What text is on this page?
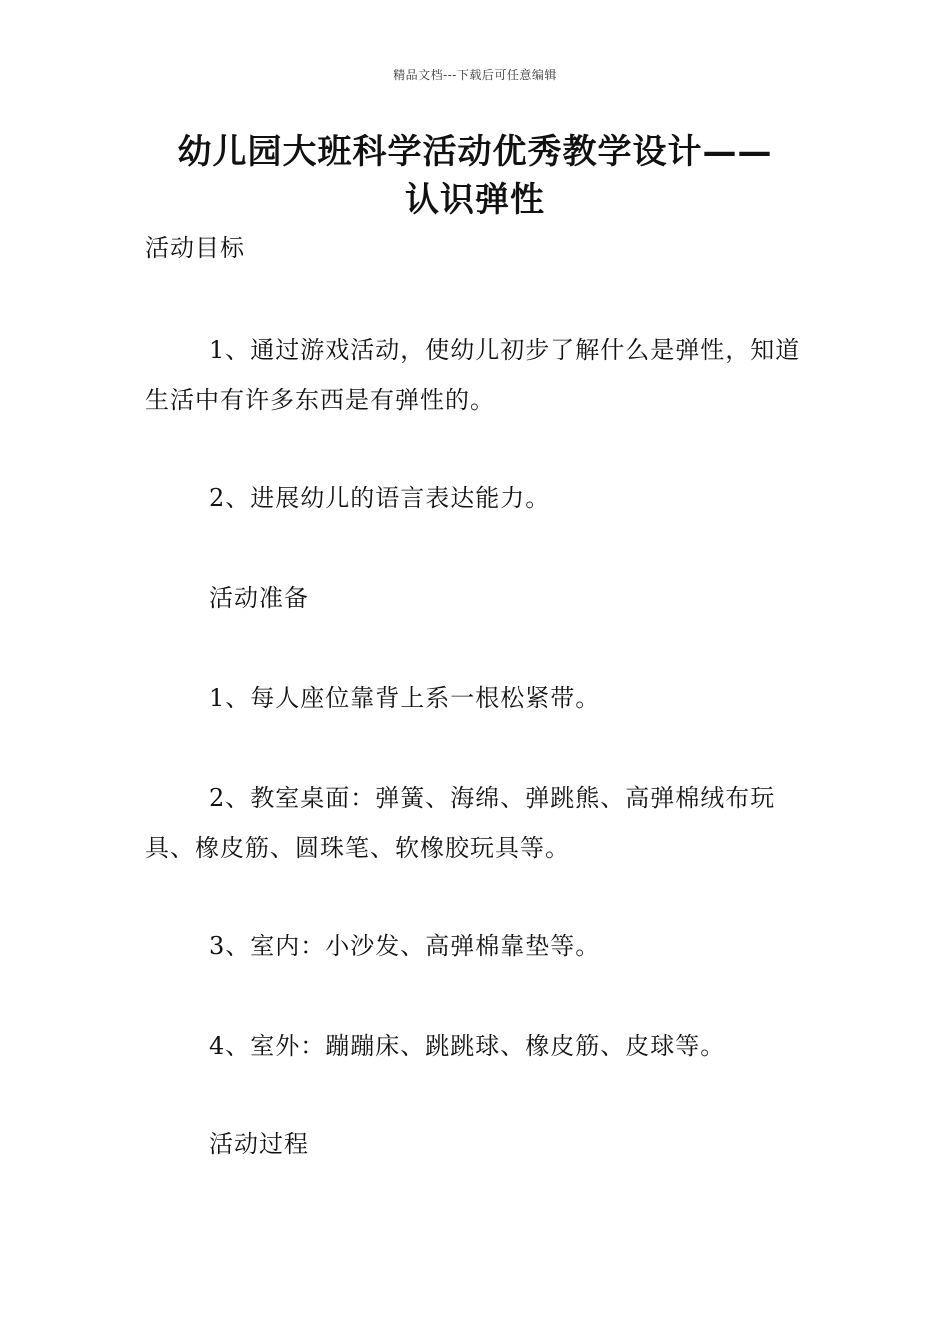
精品文档---下载后可任意编辑
幼儿园大班科学活动优秀教学设计——
认识弹性

活动目标

1、通过游戏活动，使幼儿初步了解什么是弹性，知道生活中有许多东西是有弹性的。

2、进展幼儿的语言表达能力。

活动准备

1、每人座位靠背上系一根松紧带。

2、教室桌面：弹簧、海绵、弹跳熊、高弹棉绒布玩具、橡皮筋、圆珠笔、软橡胶玩具等。

3、室内：小沙发、高弹棉靠垫等。

4、室外：蹦蹦床、跳跳球、橡皮筋、皮球等。

活动过程
